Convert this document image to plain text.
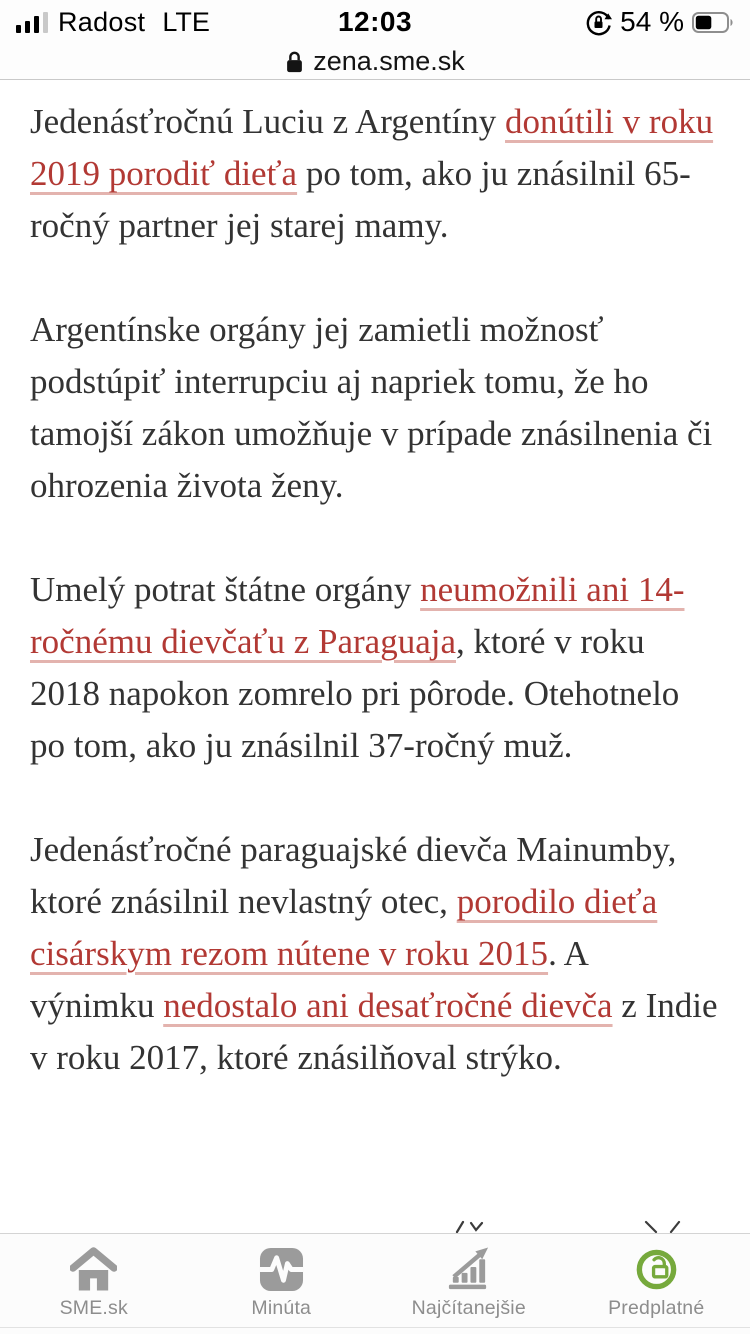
Radost LTE	12:03	54 %
zena.sme.sk

Jedenásťročnú Luciu z Argentíny donútili v roku 2019 porodiť dieťa po tom, ako ju znásilnil 65-ročný partner jej starej mamy.

Argentínske orgány jej zamietli možnosť podstúpiť interrupciu aj napriek tomu, že ho tamojší zákon umožňuje v prípade znásilnenia či ohrozenia života ženy.

Umelý potrat štátne orgány neumožnili ani 14-ročnému dievčaťu z Paraguaja, ktoré v roku 2018 napokon zomrelo pri pôrode. Otehotnelo po tom, ako ju znásilnil 37-ročný muž.

Jedenásťročné paraguajské dievča Mainumby, ktoré znásilnil nevlastný otec, porodilo dieťa cisárskym rezom nútene v roku 2015. A výnimku nedostalo ani desaťročné dievča z Indie v roku 2017, ktoré znásilňoval strýko.

SME.sk	Minúta	Najčítanejšie	Predplatné
